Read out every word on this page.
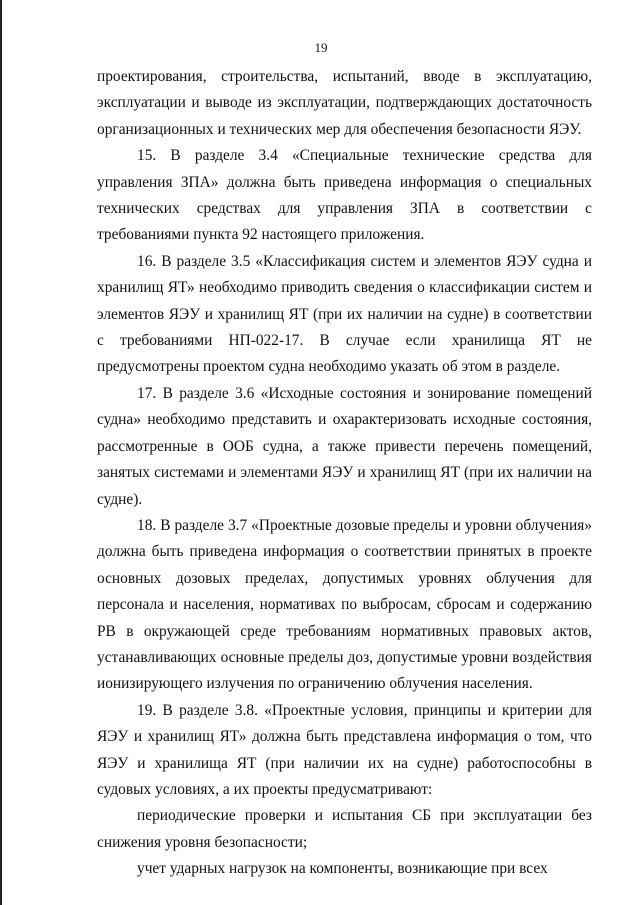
19

проектирования, строительства, испытаний, вводе в эксплуатацию, эксплуатации и выводе из эксплуатации, подтверждающих достаточность организационных и технических мер для обеспечения безопасности ЯЭУ.

15. В разделе 3.4 «Специальные технические средства для управления ЗПА» должна быть приведена информация о специальных технических средствах для управления ЗПА в соответствии с требованиями пункта 92 настоящего приложения.

16. В разделе 3.5 «Классификация систем и элементов ЯЭУ судна и хранилищ ЯТ» необходимо приводить сведения о классификации систем и элементов ЯЭУ и хранилищ ЯТ (при их наличии на судне) в соответствии с требованиями НП-022-17. В случае если хранилища ЯТ не предусмотрены проектом судна необходимо указать об этом в разделе.

17. В разделе 3.6 «Исходные состояния и зонирование помещений судна» необходимо представить и охарактеризовать исходные состояния, рассмотренные в ООБ судна, а также привести перечень помещений, занятых системами и элементами ЯЭУ и хранилищ ЯТ (при их наличии на судне).

18. В разделе 3.7 «Проектные дозовые пределы и уровни облучения» должна быть приведена информация о соответствии принятых в проекте основных дозовых пределах, допустимых уровнях облучения для персонала и населения, нормативах по выбросам, сбросам и содержанию РВ в окружающей среде требованиям нормативных правовых актов, устанавливающих основные пределы доз, допустимые уровни воздействия ионизирующего излучения по ограничению облучения населения.

19. В разделе 3.8. «Проектные условия, принципы и критерии для ЯЭУ и хранилищ ЯТ» должна быть представлена информация о том, что ЯЭУ и хранилища ЯТ (при наличии их на судне) работоспособны в судовых условиях, а их проекты предусматривают:

периодические проверки и испытания СБ при эксплуатации без снижения уровня безопасности;

учет ударных нагрузок на компоненты, возникающие при всех
